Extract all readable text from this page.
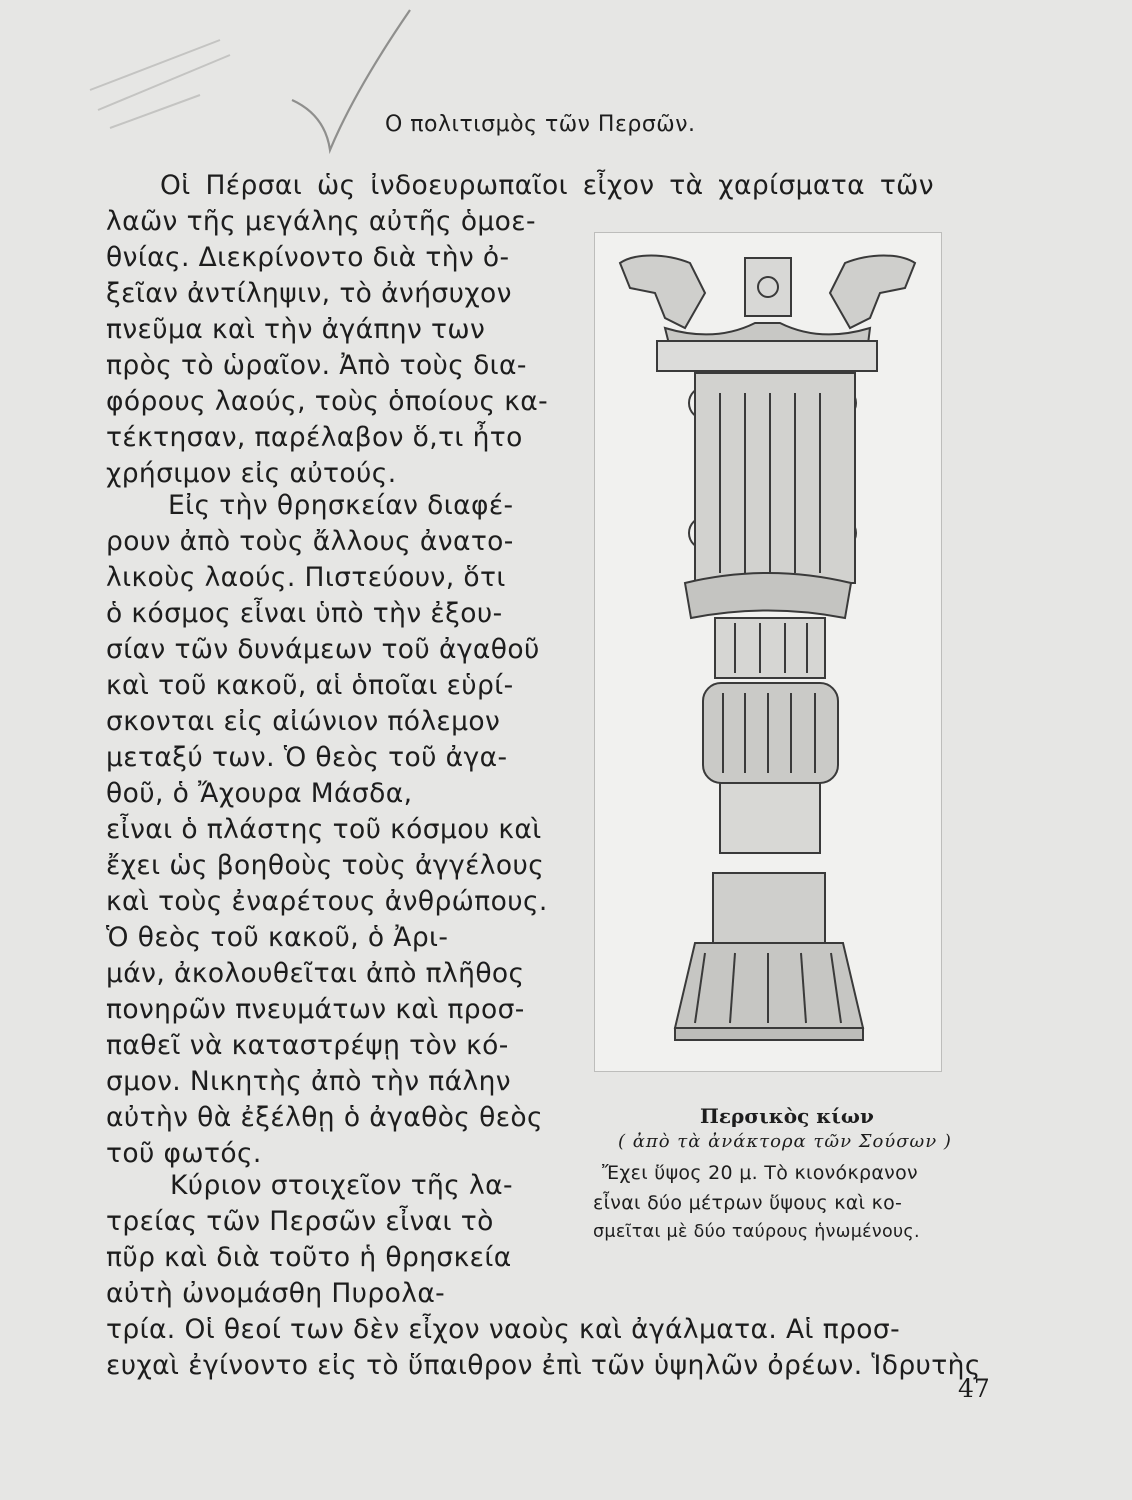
Ο πολιτισμὸς τῶν Περσῶν.
Οἱ Πέρσαι ὡς ἰνδοευρωπαῖοι εἶχον τὰ χαρίσματα τῶν
λαῶν τῆς μεγάλης αὐτῆς ὁμοε-
θνίας. Διεκρίνοντο διὰ τὴν ὀ-
ξεῖαν ἀντίληψιν, τὸ ἀνήσυχον
πνεῦμα καὶ τὴν ἀγάπην των
πρὸς τὸ ὡραῖον. Ἀπὸ τοὺς δια-
φόρους λαούς, τοὺς ὁποίους κα-
τέκτησαν, παρέλαβον ὅ,τι ἦτο
χρήσιμον εἰς αὐτούς.
Εἰς τὴν θρησκείαν διαφέ-
ρουν ἀπὸ τοὺς ἄλλους ἀνατο-
λικοὺς λαούς. Πιστεύουν, ὅτι
ὁ κόσμος εἶναι ὑπὸ τὴν ἐξου-
σίαν τῶν δυνάμεων τοῦ ἀγαθοῦ
καὶ τοῦ κακοῦ, αἱ ὁποῖαι εὑρί-
σκονται εἰς αἰώνιον πόλεμον
μεταξύ των. Ὁ θεὸς τοῦ ἀγα-
θοῦ, ὁ Ἄχουρα Μάσδα,
εἶναι ὁ πλάστης τοῦ κόσμου καὶ
ἔχει ὡς βοηθοὺς τοὺς ἀγγέλους
καὶ τοὺς ἐναρέτους ἀνθρώπους.
Ὁ θεὸς τοῦ κακοῦ, ὁ Ἀρι-
μάν, ἀκολουθεῖται ἀπὸ πλῆθος
πονηρῶν πνευμάτων καὶ προσ-
παθεῖ νὰ καταστρέψῃ τὸν κό-
σμον. Νικητὴς ἀπὸ τὴν πάλην
αὐτὴν θὰ ἐξέλθῃ ὁ ἀγαθὸς θεὸς
τοῦ φωτός.
Κύριον στοιχεῖον τῆς λα-
τρείας τῶν Περσῶν εἶναι τὸ
πῦρ καὶ διὰ τοῦτο ἡ θρησκεία
αὐτὴ ὠνομάσθη Πυρολα-
τρία. Οἱ θεοί των δὲν εἶχον ναοὺς καὶ ἀγάλματα. Αἱ προσ-
ευχαὶ ἐγίνοντο εἰς τὸ ὕπαιθρον ἐπὶ τῶν ὑψηλῶν ὀρέων. Ἱδρυτὴς
Περσικὸς κίων
( ἀπὸ τὰ ἀνάκτορα τῶν Σούσων )
Ἔχει ὕψος 20 μ. Τὸ κιονόκρανον
εἶναι δύο μέτρων ὕψους καὶ κο-
σμεῖται μὲ δύο ταύρους ἡνωμένους.
47
